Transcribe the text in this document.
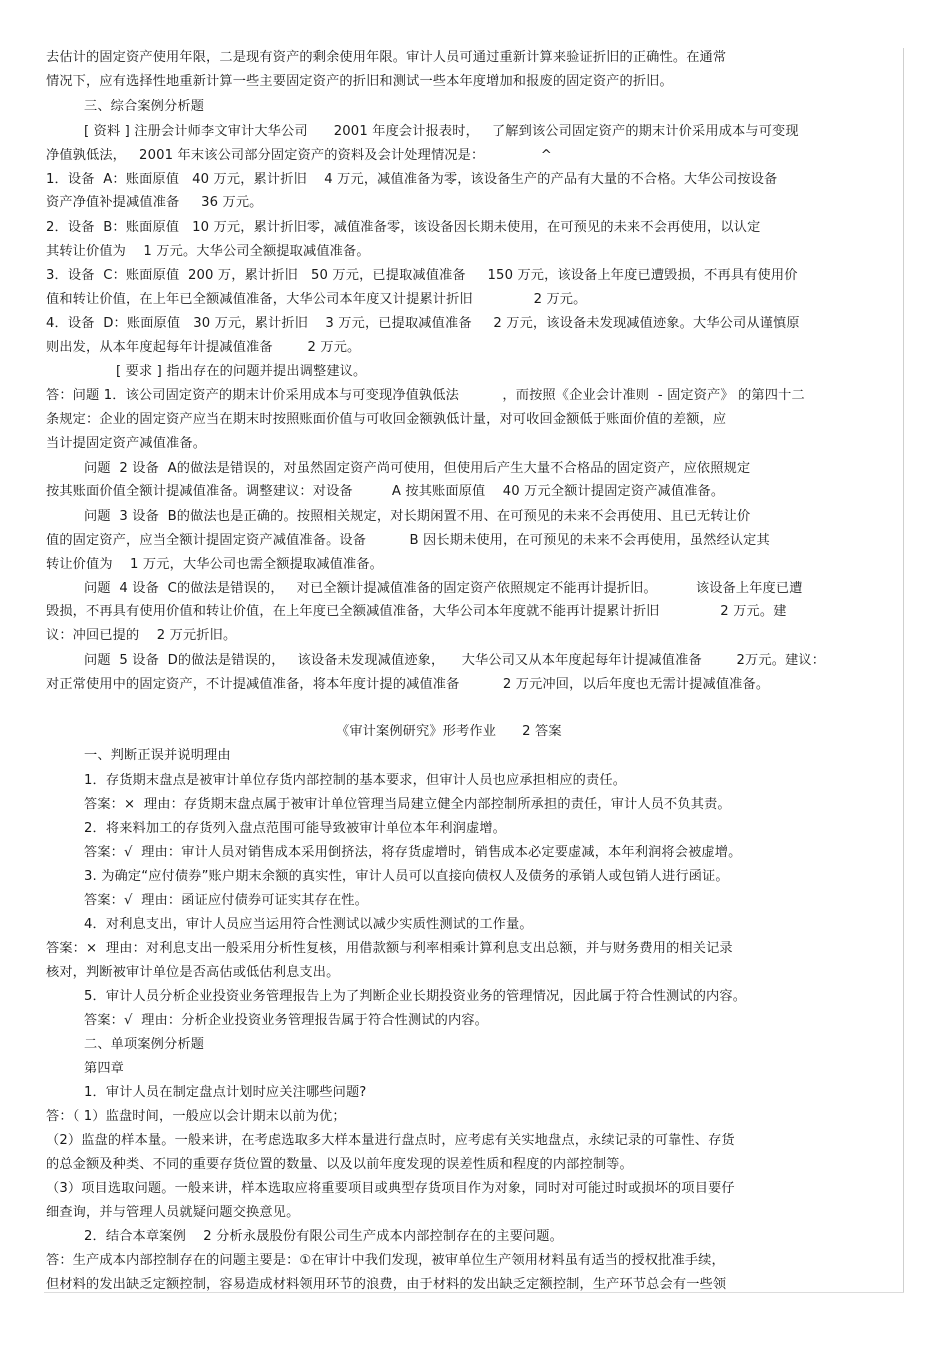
去估计的固定资产使用年限，二是现有资产的剩余使用年限。审计人员可通过重新计算来验证折旧的正确性。在通常
情况下，应有选择性地重新计算一些主要固定资产的折旧和测试一些本年度增加和报废的固定资产的折旧。
三、综合案例分析题
[ 资料 ] 注册会计师李文审计大华公司      2001 年度会计报表时，   了解到该公司固定资产的期末计价采用成本与可变现
净值孰低法，   2001 年末该公司部分固定资产的资料及会计处理情况是：             ^
1．设备  A：账面原值   40 万元，累计折旧    4 万元，减值准备为零，该设备生产的产品有大量的不合格。大华公司按设备
资产净值补提减值准备     36 万元。
2．设备  B：账面原值   10 万元，累计折旧零，减值准备零，该设备因长期未使用，在可预见的未来不会再使用，以认定
其转让价值为    1 万元。大华公司全额提取减值准备。
3．设备  C：账面原值  200 万，累计折旧   50 万元，已提取减值准备     150 万元，该设备上年度已遭毁损，不再具有使用价
值和转让价值，在上年已全额减值准备，大华公司本年度又计提累计折旧              2 万元。
4．设备  D：账面原值   30 万元，累计折旧    3 万元，已提取减值准备     2 万元，该设备未发现减值迹象。大华公司从谨慎原
则出发，从本年度起每年计提减值准备        2 万元。
[ 要求 ] 指出存在的问题并提出调整建议。
答：问题 1．该公司固定资产的期末计价采用成本与可变现净值孰低法          ，而按照《企业会计准则  - 固定资产》 的第四十二
条规定：企业的固定资产应当在期末时按照账面价值与可收回金额孰低计量，对可收回金额低于账面价值的差额，应
当计提固定资产减值准备。
问题  2 设备  A的做法是错误的，对虽然固定资产尚可使用，但使用后产生大量不合格品的固定资产，应依照规定
按其账面价值全额计提减值准备。调整建议：对设备         A 按其账面原值    40 万元全额计提固定资产减值准备。
问题  3 设备  B的做法也是正确的。按照相关规定，对长期闲置不用、在可预见的未来不会再使用、且已无转让价
值的固定资产，应当全额计提固定资产减值准备。设备          B 因长期未使用，在可预见的未来不会再使用，虽然经认定其
转让价值为    1 万元，大华公司也需全额提取减值准备。
问题  4 设备  C的做法是错误的，   对已全额计提减值准备的固定资产依照规定不能再计提折旧。         该设备上年度已遭
毁损，不再具有使用价值和转让价值，在上年度已全额减值准备，大华公司本年度就不能再计提累计折旧              2 万元。建
议：冲回已提的    2 万元折旧。
问题  5 设备  D的做法是错误的，   该设备未发现减值迹象，    大华公司又从本年度起每年计提减值准备        2万元。建议：
对正常使用中的固定资产，不计提减值准备，将本年度计提的减值准备          2 万元冲回，以后年度也无需计提减值准备。
《审计案例研究》形考作业      2 答案
一、判断正误并说明理由
1．存货期末盘点是被审计单位存货内部控制的基本要求，但审计人员也应承担相应的责任。
答案：×  理由：存货期末盘点属于被审计单位管理当局建立健全内部控制所承担的责任，审计人员不负其责。
2．将来料加工的存货列入盘点范围可能导致被审计单位本年利润虚增。
答案：√  理由：审计人员对销售成本采用倒挤法，将存货虚增时，销售成本必定要虚减，本年利润将会被虚增。
3. 为确定“应付债券”账户期末余额的真实性，审计人员可以直接向债权人及债务的承销人或包销人进行函证。
答案：√  理由：函证应付债券可证实其存在性。
4．对利息支出，审计人员应当运用符合性测试以减少实质性测试的工作量。
答案：×  理由：对利息支出一般采用分析性复核，用借款额与利率相乘计算利息支出总额，并与财务费用的相关记录
核对，判断被审计单位是否高估或低估利息支出。
5．审计人员分析企业投资业务管理报告上为了判断企业长期投资业务的管理情况，因此属于符合性测试的内容。
答案：√  理由：分析企业投资业务管理报告属于符合性测试的内容。
二、单项案例分析题
第四章
1．审计人员在制定盘点计划时应关注哪些问题?
答：（ 1）监盘时间，一般应以会计期末以前为优；
（2）监盘的样本量。一般来讲，在考虑选取多大样本量进行盘点时，应考虑有关实地盘点，永续记录的可靠性、存货
的总金额及种类、不同的重要存货位置的数量、以及以前年度发现的误差性质和程度的内部控制等。
（3）项目选取问题。一般来讲，样本选取应将重要项目或典型存货项目作为对象，同时对可能过时或损坏的项目要仔
细查询，并与管理人员就疑问题交换意见。
2．结合本章案例    2 分析永晟股份有限公司生产成本内部控制存在的主要问题。
答：生产成本内部控制存在的问题主要是：①在审计中我们发现，被审单位生产领用材料虽有适当的授权批准手续，
但材料的发出缺乏定额控制，容易造成材料领用环节的浪费，由于材料的发出缺乏定额控制，生产环节总会有一些领
